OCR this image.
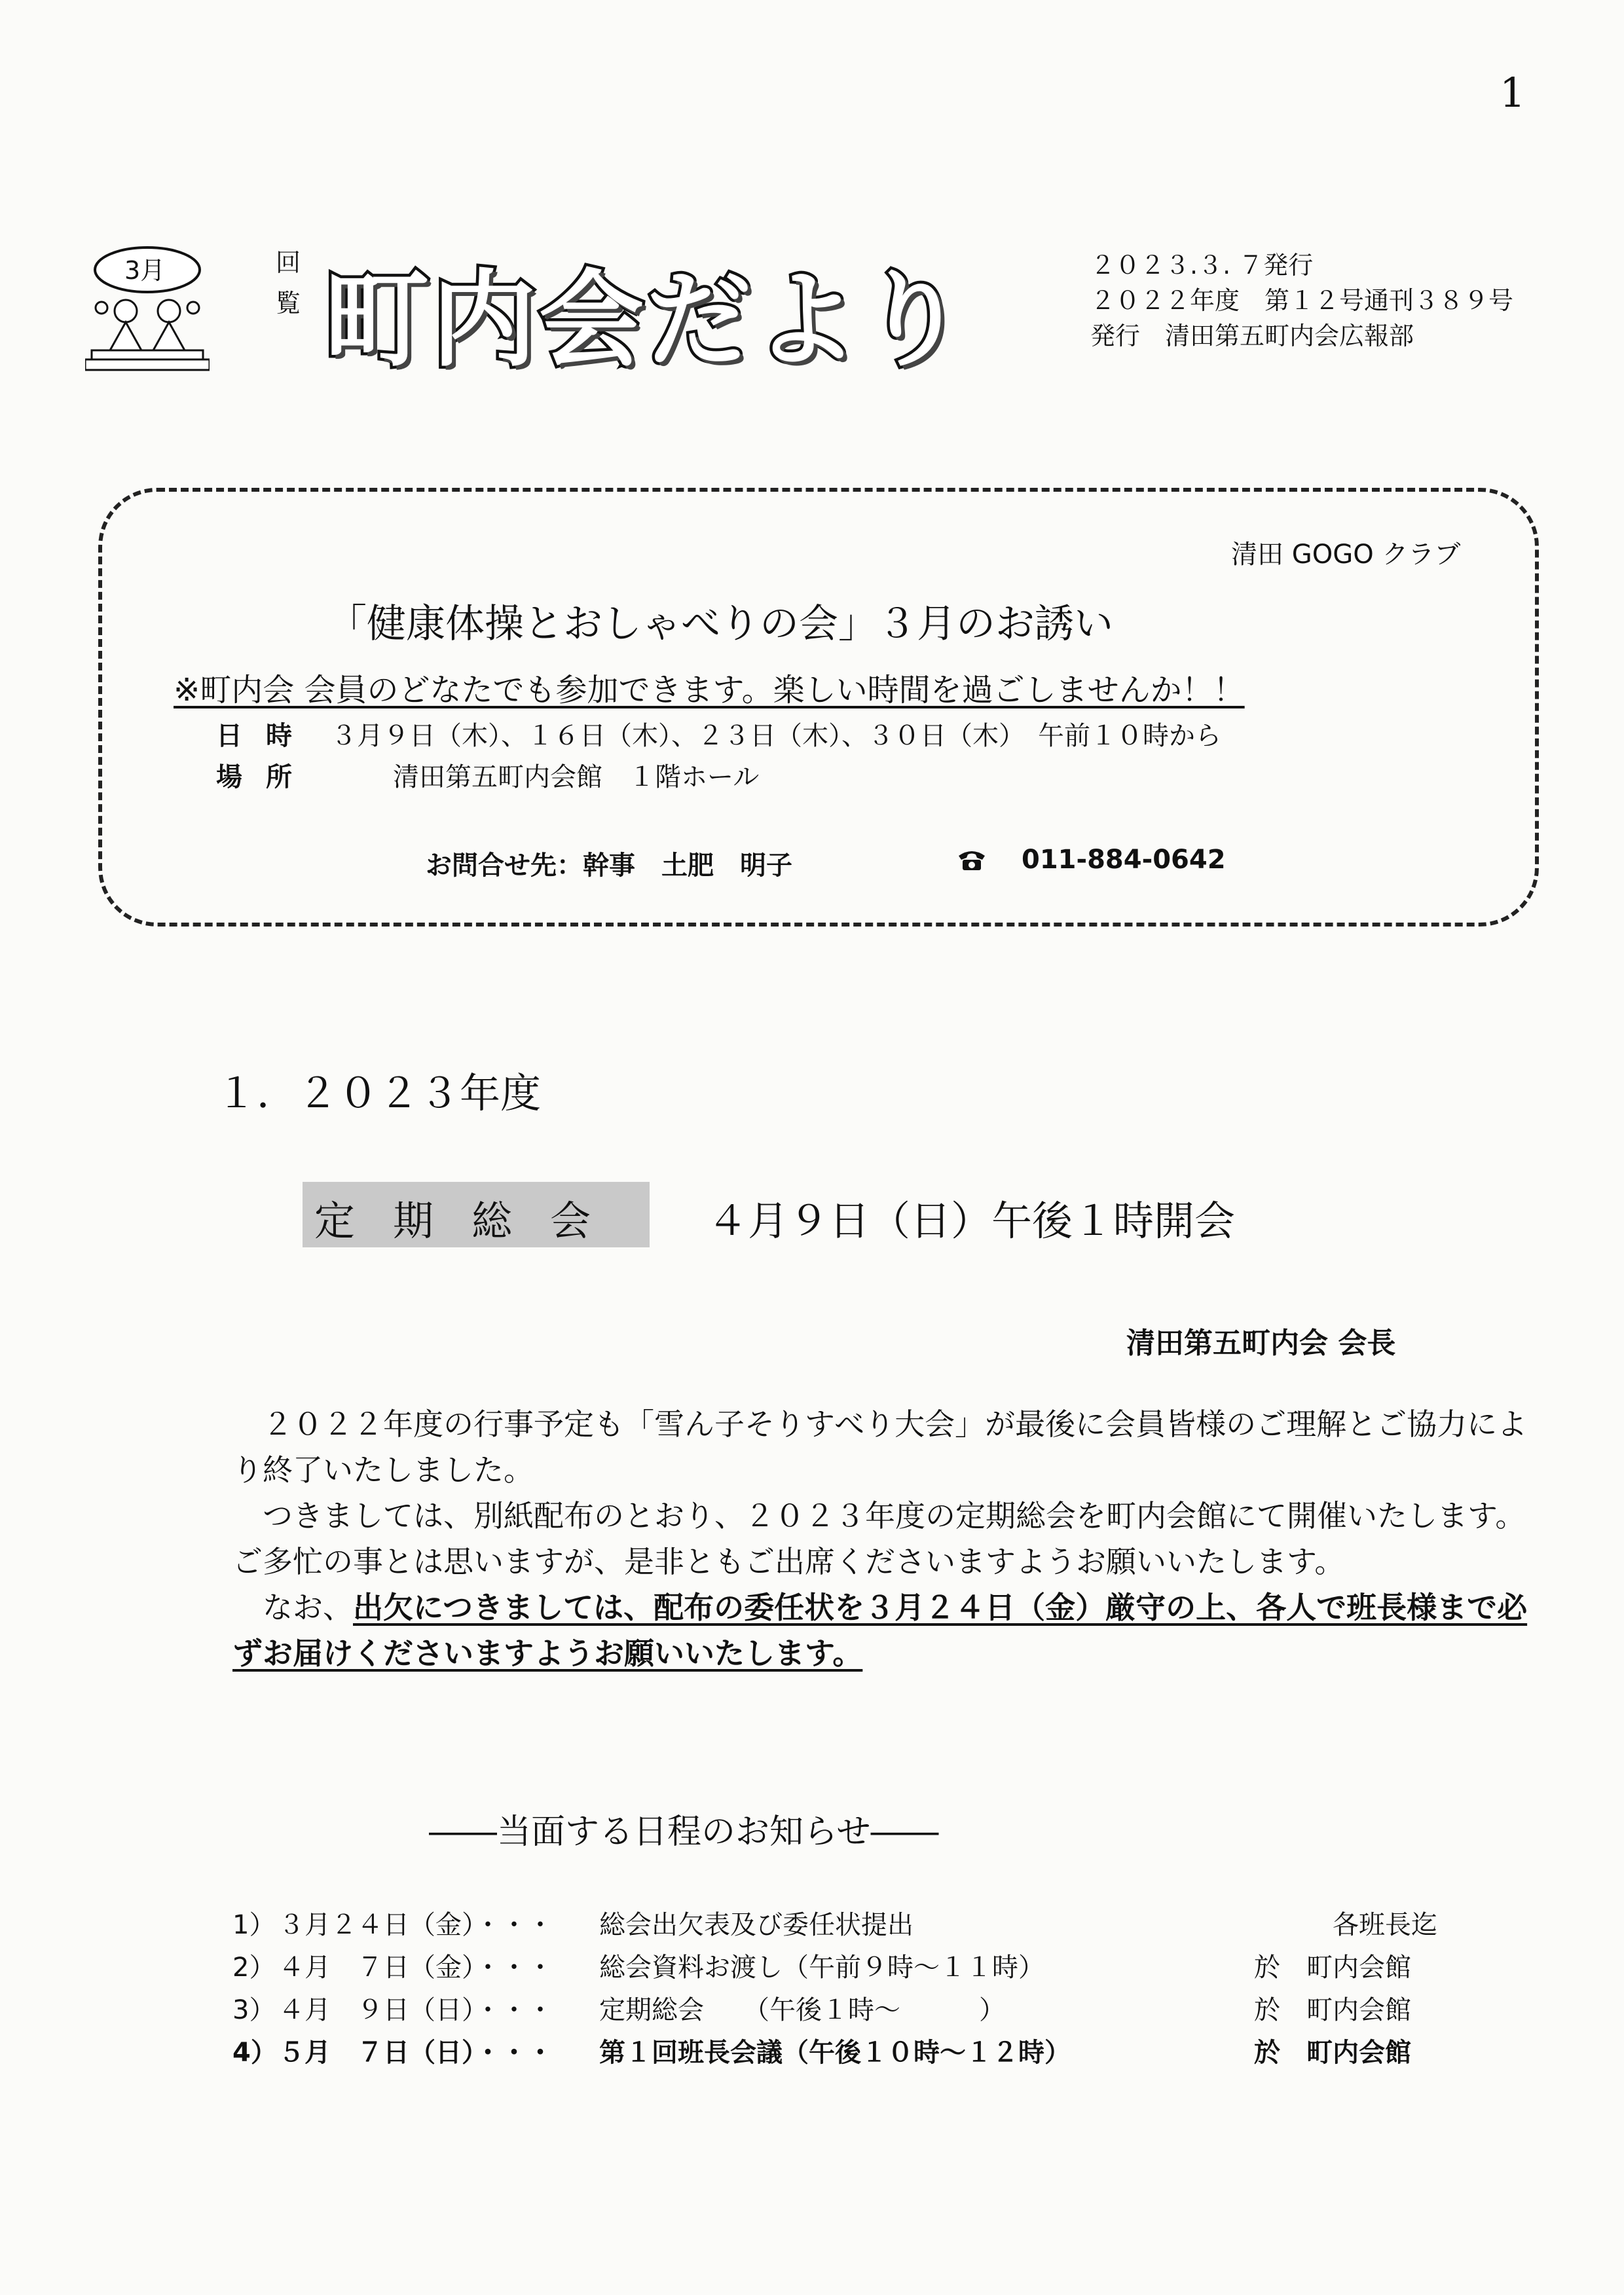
1
3月	回
覧 町内会だより	２０２３.３. ７発行
２０２２年度　第１２号通刊３８９号
発行　清田第五町内会広報部
清田 GOGO クラブ
「健康体操とおしゃべりの会」３月のお誘い
※町内会 会員のどなたでも参加できます。楽しい時間を過ごしませんか！！
日時 ３月９日（木）、１６日（木）、２３日（木）、３０日（木）　午前１０時から
場所	清田第五町内会館　１階ホール
お問合せ先：幹事　土肥　明子	011-884-0642
１．２０２３年度
定期総会 ４月９日（日）午後１時開会
清田第五町内会 会長

　２０２２年度の行事予定も「雪ん子そりすべり大会」が最後に会員皆様のご理解とご協力により終了いたしました。

　つきましては、別紙配布のとおり、２０２３年度の定期総会を町内会館にて開催いたします。ご多忙の事とは思いますが、是非ともご出席くださいますようお願いいたします。

　なお、出欠につきましては、配布の委任状を３月２４日（金）厳守の上、各人で班長様まで必ずお届けくださいますようお願いいたします。

――当面する日程のお知らせ――
1） ３月２４日（金）・・・ 総会出欠表及び委任状提出	　　　各班長迄
2） ４月　７日（金）・・・ 総会資料お渡し（午前９時～１１時）	於　町内会館
3） ４月　９日（日）・・・ 定期総会　　（午後１時～　　　）	於　町内会館
4） ５月　７日（日）・・・ 第１回班長会議（午後１０時～１２時）	於　町内会館
